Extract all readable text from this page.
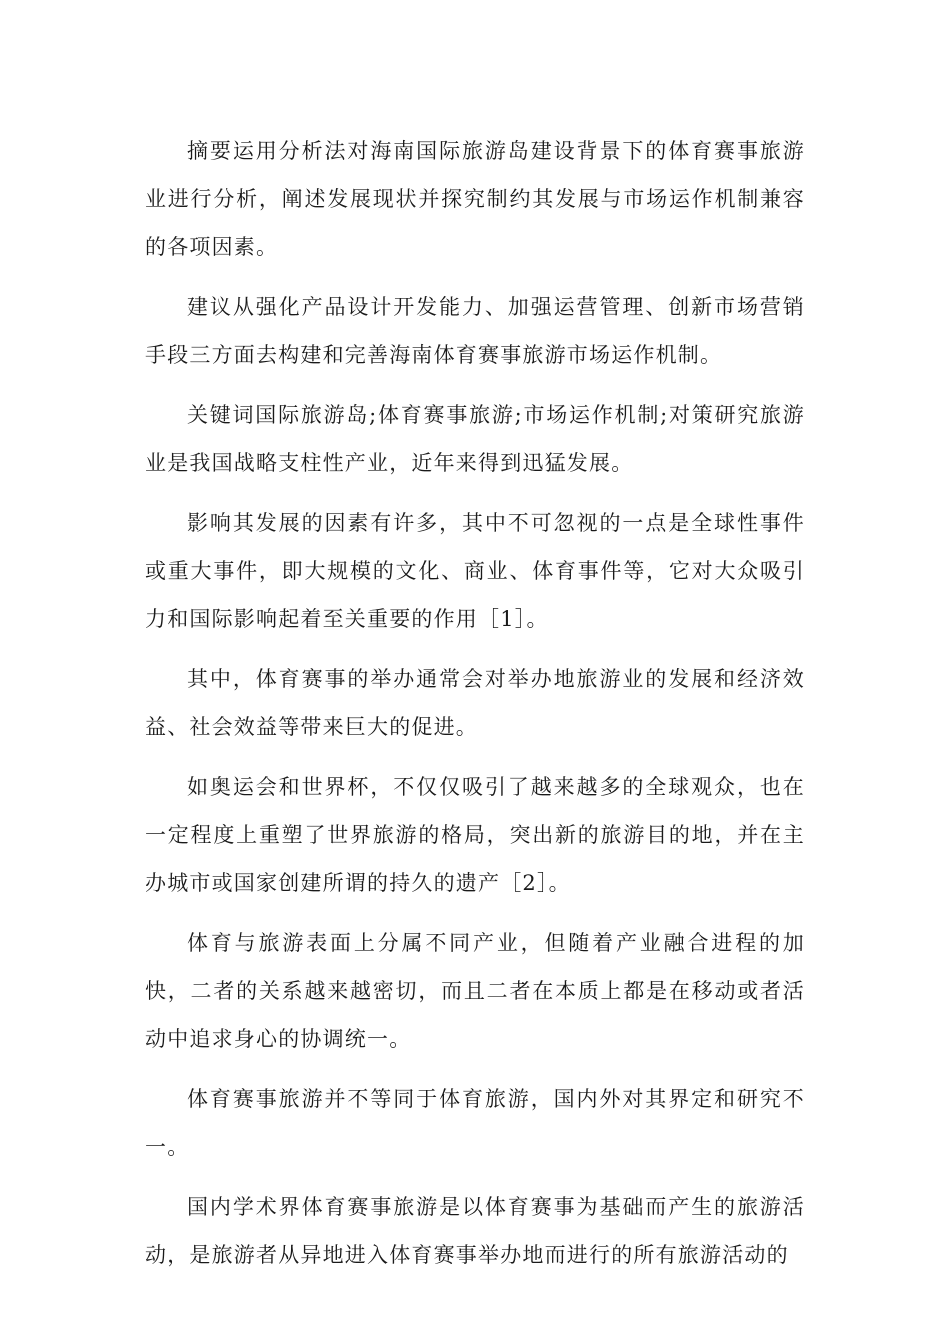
摘要运用分析法对海南国际旅游岛建设背景下的体育赛事旅游业进行分析，阐述发展现状并探究制约其发展与市场运作机制兼容的各项因素。

建议从强化产品设计开发能力、加强运营管理、创新市场营销手段三方面去构建和完善海南体育赛事旅游市场运作机制。

关键词国际旅游岛;体育赛事旅游;市场运作机制;对策研究旅游业是我国战略支柱性产业，近年来得到迅猛发展。

影响其发展的因素有许多，其中不可忽视的一点是全球性事件或重大事件，即大规模的文化、商业、体育事件等，它对大众吸引力和国际影响起着至关重要的作用［1］。

其中，体育赛事的举办通常会对举办地旅游业的发展和经济效益、社会效益等带来巨大的促进。

如奥运会和世界杯，不仅仅吸引了越来越多的全球观众，也在一定程度上重塑了世界旅游的格局，突出新的旅游目的地，并在主办城市或国家创建所谓的持久的遗产［2］。

体育与旅游表面上分属不同产业，但随着产业融合进程的加快，二者的关系越来越密切，而且二者在本质上都是在移动或者活动中追求身心的协调统一。

体育赛事旅游并不等同于体育旅游，国内外对其界定和研究不一。

国内学术界体育赛事旅游是以体育赛事为基础而产生的旅游活动，是旅游者从异地进入体育赛事举办地而进行的所有旅游活动的
